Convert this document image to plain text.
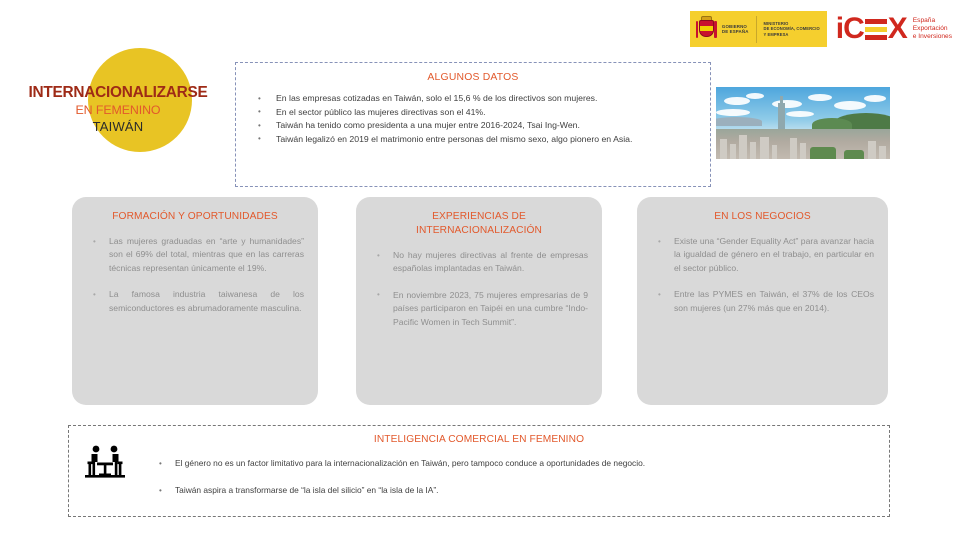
GOBIERNO
DE ESPAÑA
MINISTERIO
DE ECONOMÍA, COMERCIO
Y EMPRESA	i C X España
Exportación
e Inversiones
INTERNACIONALIZARSE
EN FEMENINO
TAIWÁN
ALGUNOS DATOS
• En las empresas cotizadas en Taiwán, solo el 15,6 % de los directivos son mujeres.
• En el sector público las mujeres directivas son el 41%.
• Taiwán ha tenido como presidenta a una mujer entre 2016-2024, Tsai Ing-Wen.
• Taiwán legalizó en 2019 el matrimonio entre personas del mismo sexo, algo pionero en Asia.
FORMACIÓN Y OPORTUNIDADES
• Las mujeres graduadas en “arte y humanidades” son el 69% del total, mientras que en las carreras técnicas representan únicamente el 19%.
• La famosa industria taiwanesa de los semiconductores es abrumadoramente masculina.
EXPERIENCIAS DE INTERNACIONALIZACIÓN
• No hay mujeres directivas al frente de empresas españolas implantadas en Taiwán.
• En noviembre 2023, 75 mujeres empresarias de 9 países participaron en Taipéi en una cumbre “Indo-Pacific Women in Tech Summit”.
EN LOS NEGOCIOS
• Existe una “Gender Equality Act” para avanzar hacia la igualdad de género en el trabajo, en particular en el sector público.
• Entre las PYMES en Taiwán, el 37% de los CEOs son mujeres (un 27% más que en 2014).
INTELIGENCIA COMERCIAL EN FEMENINO
• El género no es un factor limitativo para la internacionalización en Taiwán, pero tampoco conduce a oportunidades de negocio.
• Taiwán aspira a transformarse de “la isla del silicio” en “la isla de la IA”.
